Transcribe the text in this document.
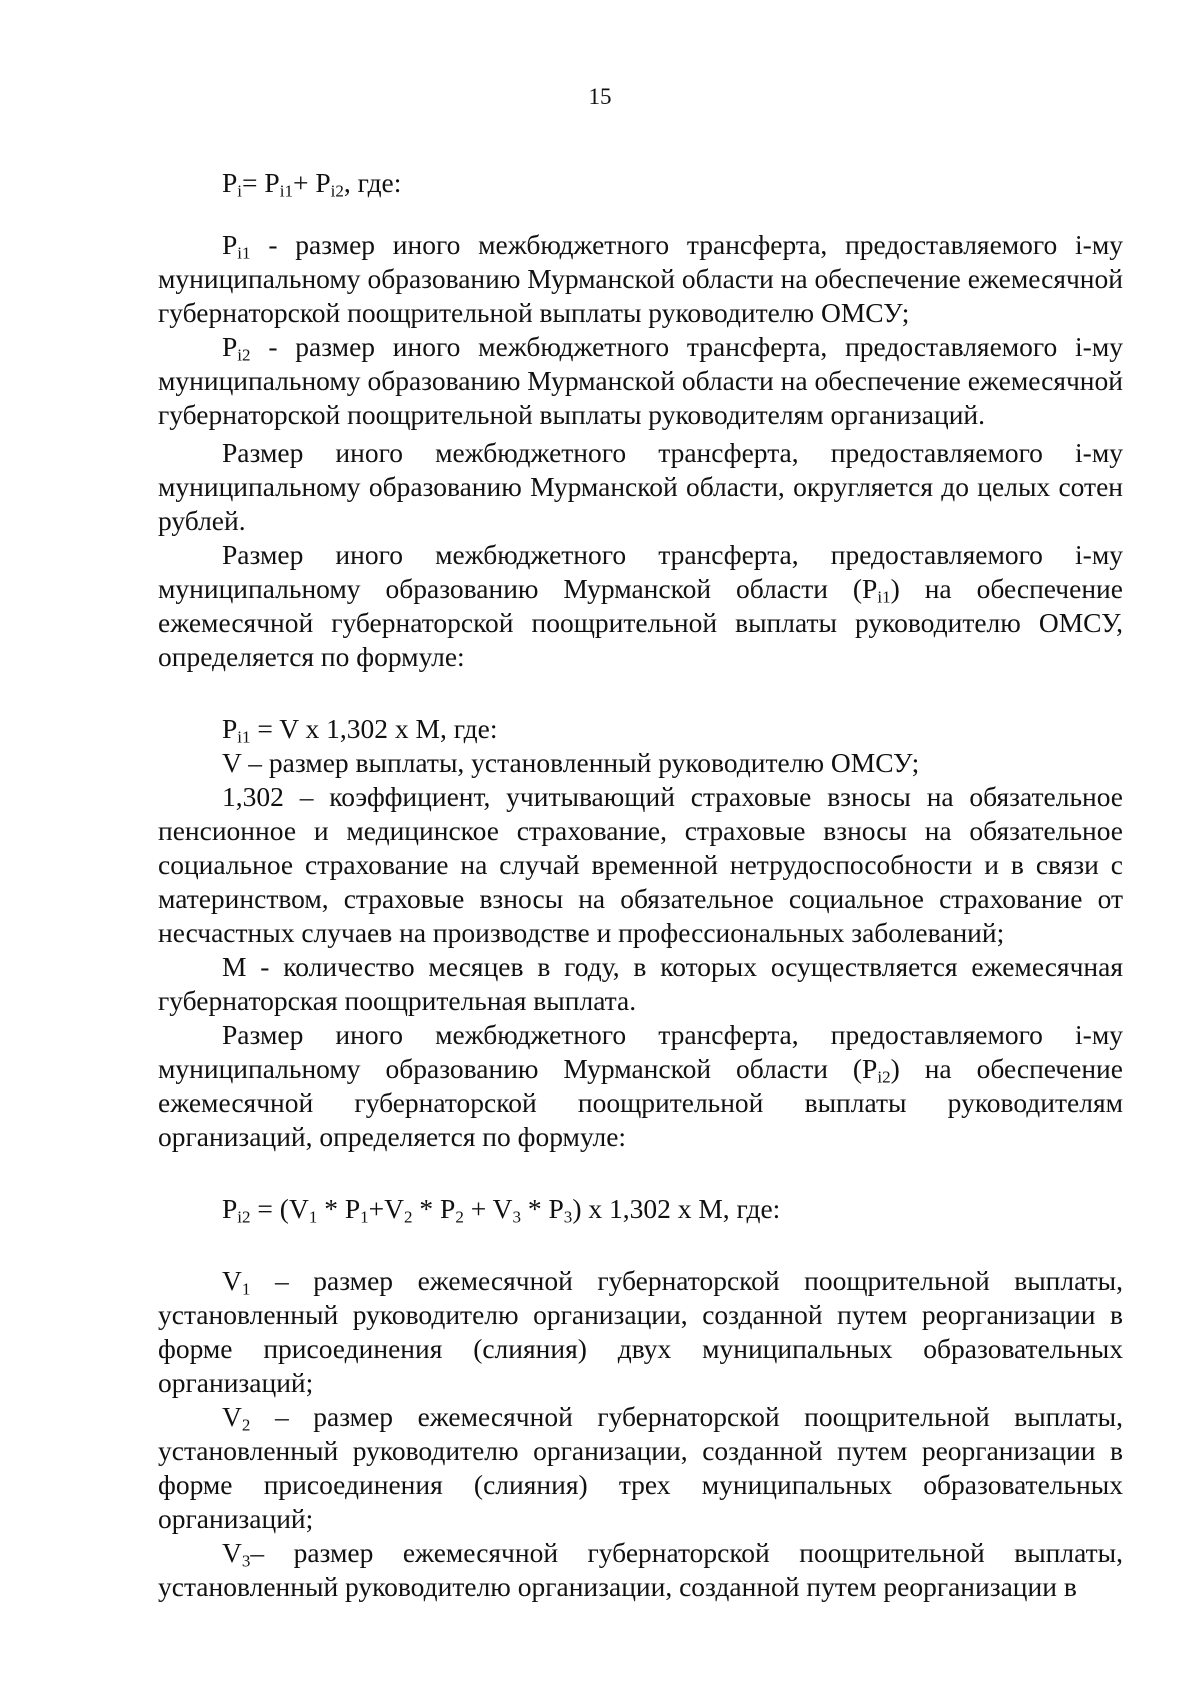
15

$P_i= P_{i1}+ P_{i2}$, где:

$P_{i1}$ - размер иного межбюджетного трансферта, предоставляемого i-му муниципальному образованию Мурманской области на обеспечение ежемесячной губернаторской поощрительной выплаты руководителю ОМСУ;

$P_{i2}$ - размер иного межбюджетного трансферта, предоставляемого i-му муниципальному образованию Мурманской области на обеспечение ежемесячной губернаторской поощрительной выплаты руководителям организаций.

Размер иного межбюджетного трансферта, предоставляемого i-му муниципальному образованию Мурманской области, округляется до целых сотен рублей.

Размер иного межбюджетного трансферта, предоставляемого i-му муниципальному образованию Мурманской области $(P_{i1})$ на обеспечение ежемесячной губернаторской поощрительной выплаты руководителю ОМСУ, определяется по формуле:

$P_{i1} = V$ x 1,302 x M, где:

V – размер выплаты, установленный руководителю ОМСУ;

1,302 – коэффициент, учитывающий страховые взносы на обязательное пенсионное и медицинское страхование, страховые взносы на обязательное социальное страхование на случай временной нетрудоспособности и в связи с материнством, страховые взносы на обязательное социальное страхование от несчастных случаев на производстве и профессиональных заболеваний;

М - количество месяцев в году, в которых осуществляется ежемесячная губернаторская поощрительная выплата.

Размер иного межбюджетного трансферта, предоставляемого i-му муниципальному образованию Мурманской области $(P_{i2})$ на обеспечение ежемесячной губернаторской поощрительной выплаты руководителям организаций, определяется по формуле:

$P_{i2} = (V_1 * P_1+V_2 * P_2 + V_3 * P_3)$ x 1,302 x M, где:

$V_1$ – размер ежемесячной губернаторской поощрительной выплаты, установленный руководителю организации, созданной путем реорганизации в форме присоединения (слияния) двух муниципальных образовательных организаций;

$V_2$ – размер ежемесячной губернаторской поощрительной выплаты, установленный руководителю организации, созданной путем реорганизации в форме присоединения (слияния) трех муниципальных образовательных организаций;

$V_3-$ размер ежемесячной губернаторской поощрительной выплаты, установленный руководителю организации, созданной путем реорганизации в
